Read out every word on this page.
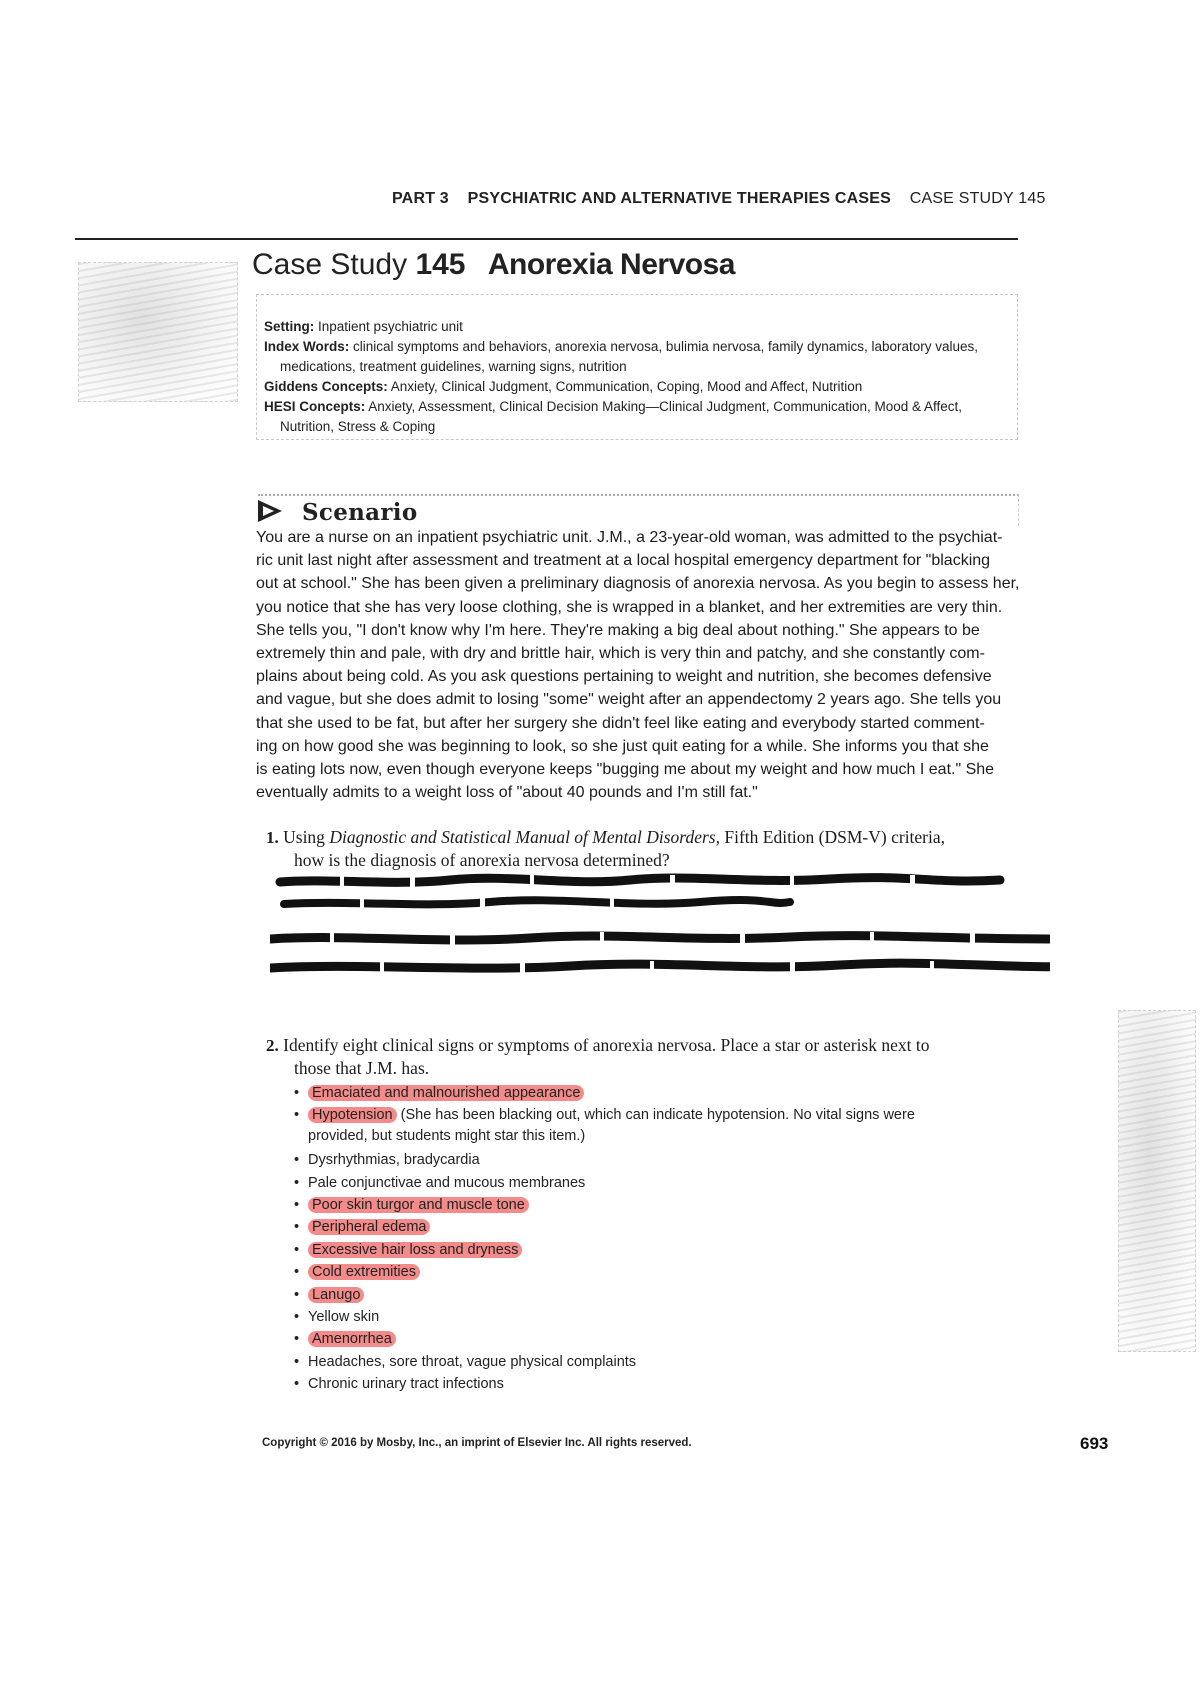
PART 3 PSYCHIATRIC AND ALTERNATIVE THERAPIES CASES CASE STUDY 145
Case Study 145 Anorexia Nervosa
Setting: Inpatient psychiatric unit
Index Words: clinical symptoms and behaviors, anorexia nervosa, bulimia nervosa, family dynamics, laboratory values,
medications, treatment guidelines, warning signs, nutrition
Giddens Concepts: Anxiety, Clinical Judgment, Communication, Coping, Mood and Affect, Nutrition
HESI Concepts: Anxiety, Assessment, Clinical Decision Making—Clinical Judgment, Communication, Mood & Affect,
Nutrition, Stress & Coping
Scenario
You are a nurse on an inpatient psychiatric unit. J.M., a 23-year-old woman, was admitted to the psychiat-
ric unit last night after assessment and treatment at a local hospital emergency department for "blacking
out at school." She has been given a preliminary diagnosis of anorexia nervosa. As you begin to assess her,
you notice that she has very loose clothing, she is wrapped in a blanket, and her extremities are very thin.
She tells you, "I don't know why I'm here. They're making a big deal about nothing." She appears to be
extremely thin and pale, with dry and brittle hair, which is very thin and patchy, and she constantly com-
plains about being cold. As you ask questions pertaining to weight and nutrition, she becomes defensive
and vague, but she does admit to losing "some" weight after an appendectomy 2 years ago. She tells you
that she used to be fat, but after her surgery she didn't feel like eating and everybody started comment-
ing on how good she was beginning to look, so she just quit eating for a while. She informs you that she
is eating lots now, even though everyone keeps "bugging me about my weight and how much I eat." She
eventually admits to a weight loss of "about 40 pounds and I'm still fat."
1. Using Diagnostic and Statistical Manual of Mental Disorders, Fifth Edition (DSM-V) criteria,
how is the diagnosis of anorexia nervosa determined?
2. Identify eight clinical signs or symptoms of anorexia nervosa. Place a star or asterisk next to
those that J.M. has.
• Emaciated and malnourished appearance
• Hypotension (She has been blacking out, which can indicate hypotension. No vital signs were
provided, but students might star this item.)
• Dysrhythmias, bradycardia
• Pale conjunctivae and mucous membranes
• Poor skin turgor and muscle tone
• Peripheral edema
• Excessive hair loss and dryness
• Cold extremities
• Lanugo
• Yellow skin
• Amenorrhea
• Headaches, sore throat, vague physical complaints
• Chronic urinary tract infections
Copyright © 2016 by Mosby, Inc., an imprint of Elsevier Inc. All rights reserved.	693
